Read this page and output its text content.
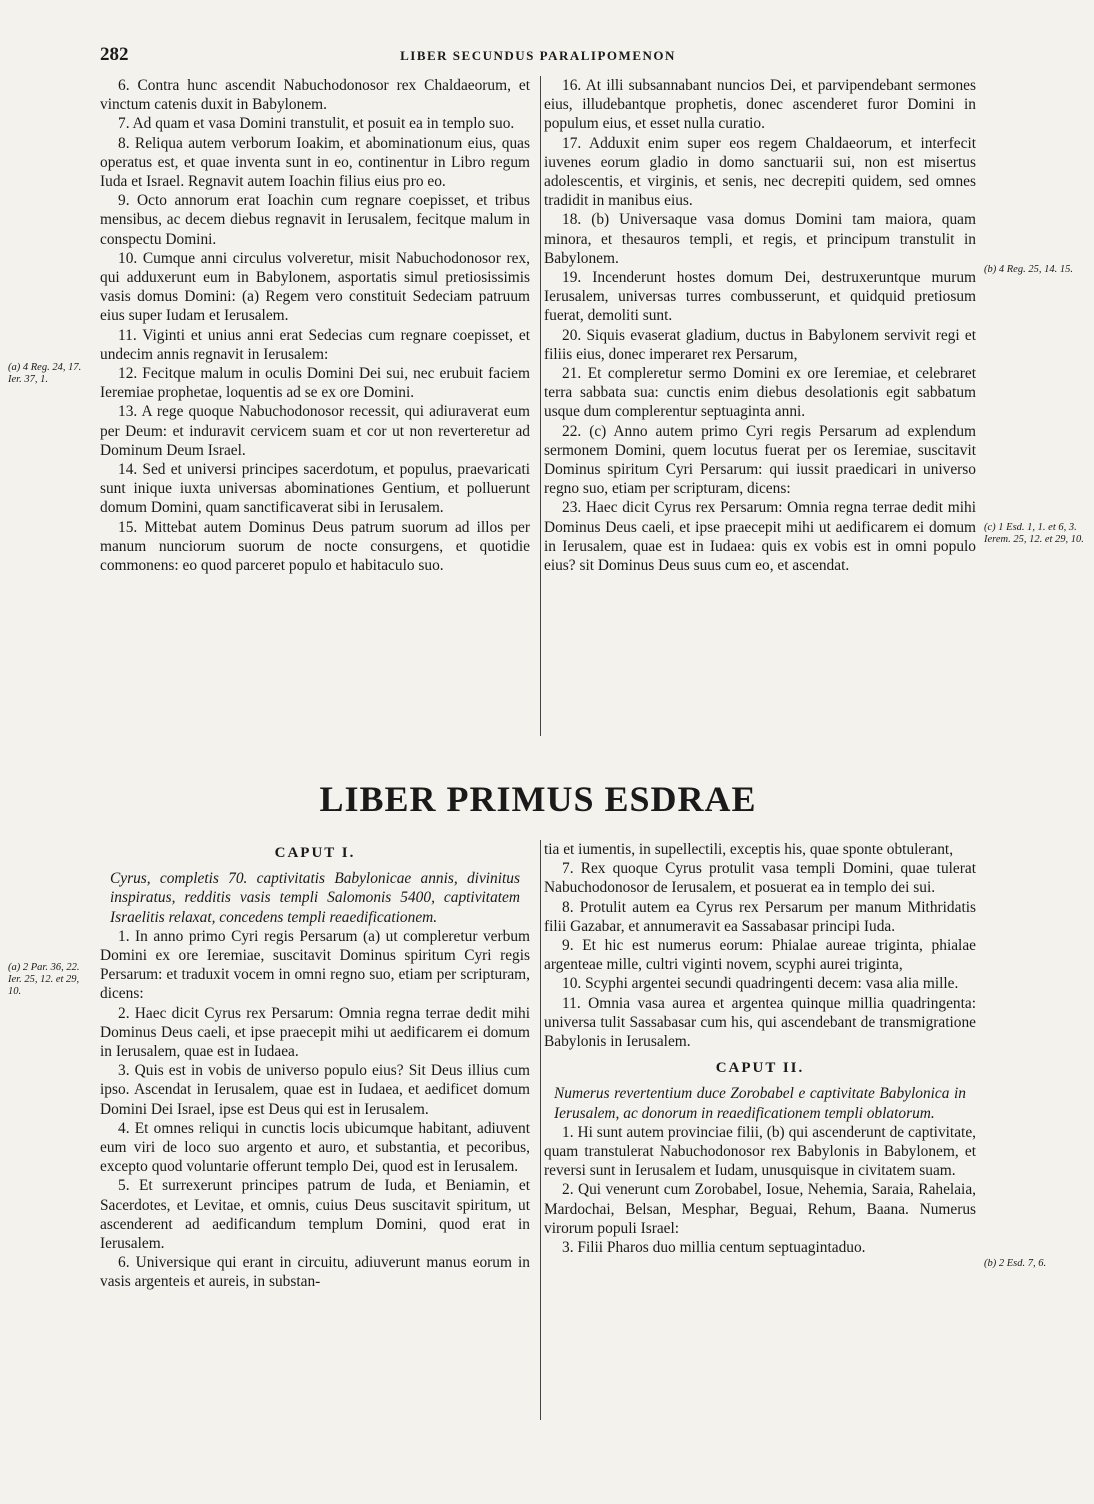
282	LIBER SECUNDUS PARALIPOMENON

6. Contra hunc ascendit Nabuchodonosor rex Chaldaeorum, et vinctum catenis duxit in Babylonem.

7. Ad quam et vasa Domini transtulit, et posuit ea in templo suo.

8. Reliqua autem verborum Ioakim, et abominationum eius, quas operatus est, et quae inventa sunt in eo, continentur in Libro regum Iuda et Israel. Regnavit autem Ioachin filius eius pro eo.

9. Octo annorum erat Ioachin cum regnare coepisset, et tribus mensibus, ac decem diebus regnavit in Ierusalem, fecitque malum in conspectu Domini.

10. Cumque anni circulus volveretur, misit Nabuchodonosor rex, qui adduxerunt eum in Babylonem, asportatis simul pretiosissimis vasis domus Domini: (a) Regem vero constituit Sedeciam patruum eius super Iudam et Ierusalem.

11. Viginti et unius anni erat Sedecias cum regnare coepisset, et undecim annis regnavit in Ierusalem:

12. Fecitque malum in oculis Domini Dei sui, nec erubuit faciem Ieremiae prophetae, loquentis ad se ex ore Domini.

13. A rege quoque Nabuchodonosor recessit, qui adiuraverat eum per Deum: et induravit cervicem suam et cor ut non reverteretur ad Dominum Deum Israel.

14. Sed et universi principes sacerdotum, et populus, praevaricati sunt inique iuxta universas abominationes Gentium, et polluerunt domum Domini, quam sanctificaverat sibi in Ierusalem.

15. Mittebat autem Dominus Deus patrum suorum ad illos per manum nunciorum suorum de nocte consurgens, et quotidie commonens: eo quod parceret populo et habitaculo suo.

16. At illi subsannabant nuncios Dei, et parvipendebant sermones eius, illudebantque prophetis, donec ascenderet furor Domini in populum eius, et esset nulla curatio.

17. Adduxit enim super eos regem Chaldaeorum, et interfecit iuvenes eorum gladio in domo sanctuarii sui, non est misertus adolescentis, et virginis, et senis, nec decrepiti quidem, sed omnes tradidit in manibus eius.

18. (b) Universaque vasa domus Domini tam maiora, quam minora, et thesauros templi, et regis, et principum transtulit in Babylonem.

19. Incenderunt hostes domum Dei, destruxeruntque murum Ierusalem, universas turres combusserunt, et quidquid pretiosum fuerat, demoliti sunt.

20. Siquis evaserat gladium, ductus in Babylonem servivit regi et filiis eius, donec imperaret rex Persarum,

21. Et compleretur sermo Domini ex ore Ieremiae, et celebraret terra sabbata sua: cunctis enim diebus desolationis egit sabbatum usque dum complerentur septuaginta anni.

22. (c) Anno autem primo Cyri regis Persarum ad explendum sermonem Domini, quem locutus fuerat per os Ieremiae, suscitavit Dominus spiritum Cyri Persarum: qui iussit praedicari in universo regno suo, etiam per scripturam, dicens:

23. Haec dicit Cyrus rex Persarum: Omnia regna terrae dedit mihi Dominus Deus caeli, et ipse praecepit mihi ut aedificarem ei domum in Ierusalem, quae est in Iudaea: quis ex vobis est in omni populo eius? sit Dominus Deus suus cum eo, et ascendat.

(a) 4 Reg. 24, 17. Ier. 37, 1.
(b) 4 Reg. 25, 14. 15.
(c) 1 Esd. 1, 1. et 6, 3. Ierem. 25, 12. et 29, 10.
LIBER PRIMUS ESDRAE
CAPUT I.

Cyrus, completis 70. captivitatis Babylonicae annis, divinitus inspiratus, redditis vasis templi Salomonis 5400, captivitatem Israelitis relaxat, concedens templi reaedificationem.

1. In anno primo Cyri regis Persarum (a) ut compleretur verbum Domini ex ore Ieremiae, suscitavit Dominus spiritum Cyri regis Persarum: et traduxit vocem in omni regno suo, etiam per scripturam, dicens:

2. Haec dicit Cyrus rex Persarum: Omnia regna terrae dedit mihi Dominus Deus caeli, et ipse praecepit mihi ut aedificarem ei domum in Ierusalem, quae est in Iudaea.

3. Quis est in vobis de universo populo eius? Sit Deus illius cum ipso. Ascendat in Ierusalem, quae est in Iudaea, et aedificet domum Domini Dei Israel, ipse est Deus qui est in Ierusalem.

4. Et omnes reliqui in cunctis locis ubicumque habitant, adiuvent eum viri de loco suo argento et auro, et substantia, et pecoribus, excepto quod voluntarie offerunt templo Dei, quod est in Ierusalem.

5. Et surrexerunt principes patrum de Iuda, et Beniamin, et Sacerdotes, et Levitae, et omnis, cuius Deus suscitavit spiritum, ut ascenderent ad aedificandum templum Domini, quod erat in Ierusalem.

6. Universique qui erant in circuitu, adiuverunt manus eorum in vasis argenteis et aureis, in substan-

tia et iumentis, in supellectili, exceptis his, quae sponte obtulerant,

7. Rex quoque Cyrus protulit vasa templi Domini, quae tulerat Nabuchodonosor de Ierusalem, et posuerat ea in templo dei sui.

8. Protulit autem ea Cyrus rex Persarum per manum Mithridatis filii Gazabar, et annumeravit ea Sassabasar principi Iuda.

9. Et hic est numerus eorum: Phialae aureae triginta, phialae argenteae mille, cultri viginti novem, scyphi aurei triginta,

10. Scyphi argentei secundi quadringenti decem: vasa alia mille.

11. Omnia vasa aurea et argentea quinque millia quadringenta: universa tulit Sassabasar cum his, qui ascendebant de transmigratione Babylonis in Ierusalem.

CAPUT II.

Numerus revertentium duce Zorobabel e captivitate Babylonica in Ierusalem, ac donorum in reaedificationem templi oblatorum.

1. Hi sunt autem provinciae filii, (b) qui ascenderunt de captivitate, quam transtulerat Nabuchodonosor rex Babylonis in Babylonem, et reversi sunt in Ierusalem et Iudam, unusquisque in civitatem suam.

2. Qui venerunt cum Zorobabel, Iosue, Nehemia, Saraia, Rahelaia, Mardochai, Belsan, Mesphar, Beguai, Rehum, Baana. Numerus virorum populi Israel:

3. Filii Pharos duo millia centum septuagintaduo.

(a) 2 Par. 36, 22. Ier. 25, 12. et 29, 10.
(b) 2 Esd. 7, 6.
